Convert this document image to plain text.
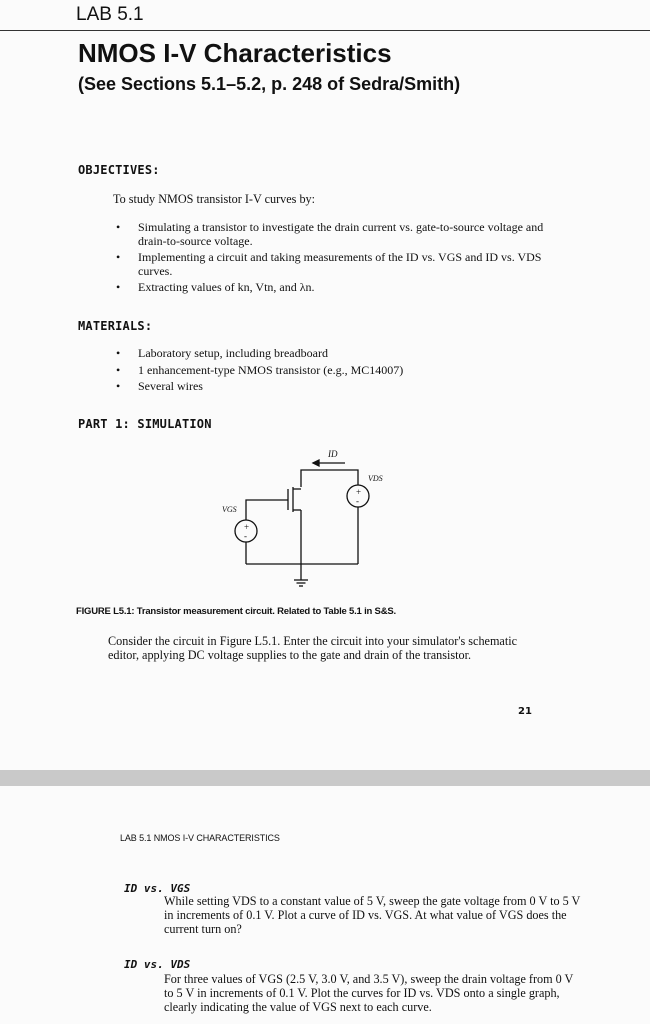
LAB 5.1
NMOS I-V Characteristics
(See Sections 5.1–5.2, p. 248 of Sedra/Smith)
OBJECTIVES:
To study NMOS transistor I-V curves by:
• Simulating a transistor to investigate the drain current vs. gate-to-source voltage and drain-to-source voltage.
• Implementing a circuit and taking measurements of the ID vs. VGS and ID vs. VDS curves.
• Extracting values of kn, Vtn, and λn.
MATERIALS:
• Laboratory setup, including breadboard
• 1 enhancement-type NMOS transistor (e.g., MC14007)
• Several wires
PART 1: SIMULATION
ID
VDS
VGS
+
-
+
-
FIGURE L5.1: Transistor measurement circuit. Related to Table 5.1 in S&S.
Consider the circuit in Figure L5.1. Enter the circuit into your simulator's schematic editor, applying DC voltage supplies to the gate and drain of the transistor.
21
LAB 5.1 NMOS I-V CHARACTERISTICS
ID vs. VGS
While setting VDS to a constant value of 5 V, sweep the gate voltage from 0 V to 5 V in increments of 0.1 V. Plot a curve of ID vs. VGS. At what value of VGS does the current turn on?
ID vs. VDS
For three values of VGS (2.5 V, 3.0 V, and 3.5 V), sweep the drain voltage from 0 V to 5 V in increments of 0.1 V. Plot the curves for ID vs. VDS onto a single graph, clearly indicating the value of VGS next to each curve.
